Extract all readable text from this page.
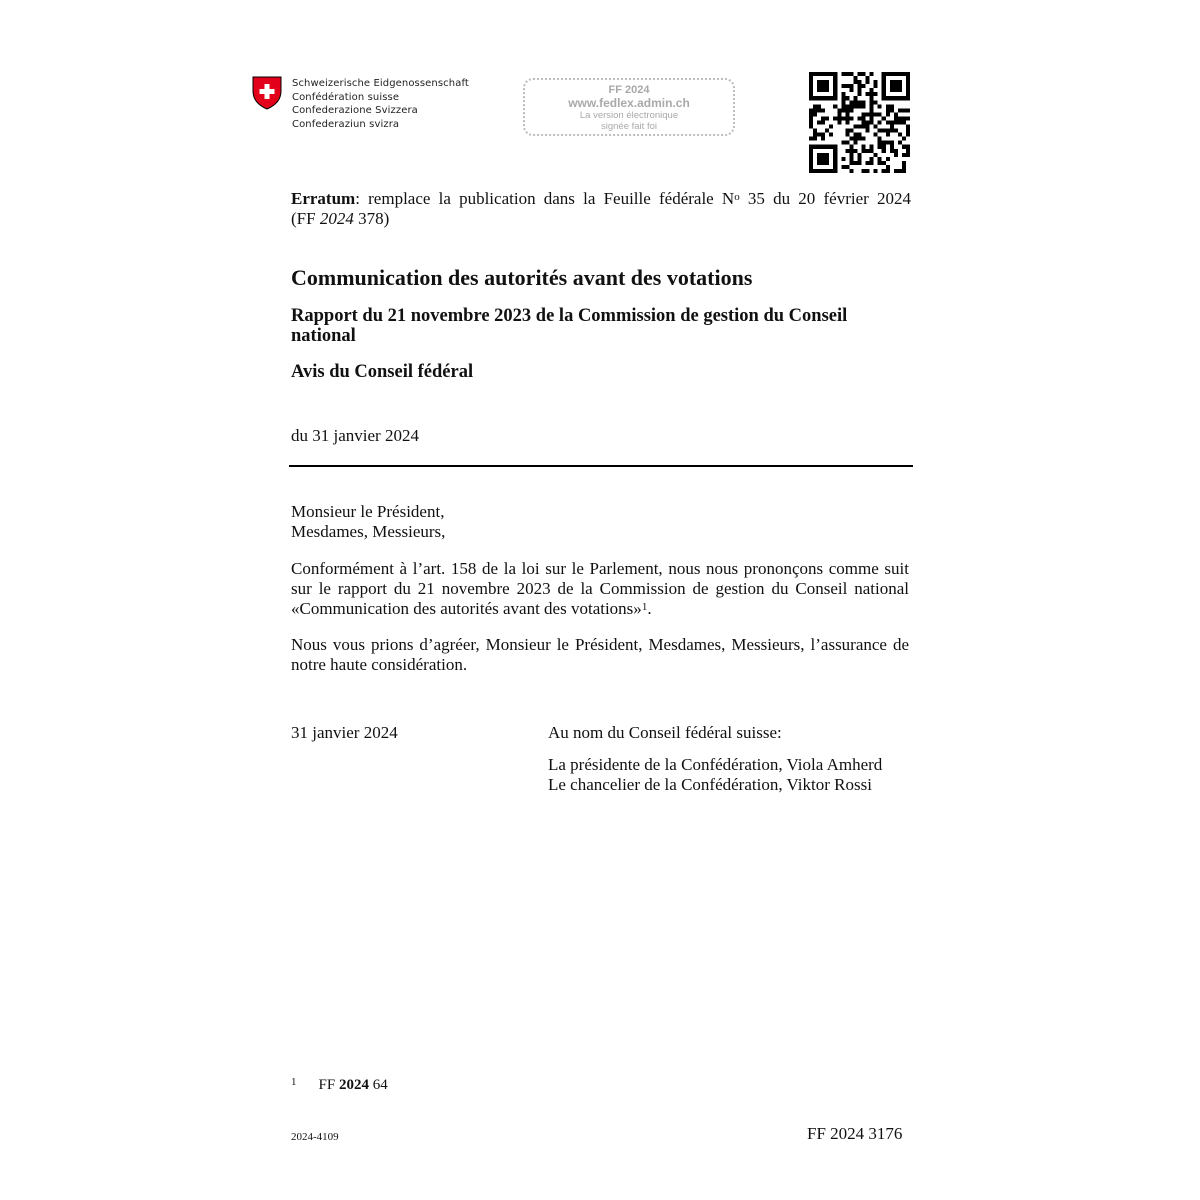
Schweizerische Eidgenossenschaft
Confédération suisse
Confederazione Svizzera
Confederaziun svizra
FF 2024
www.fedlex.admin.ch
La version électronique
signée fait foi
Erratum: remplace la publication dans la Feuille fédérale $N^o$ 35 du 20 février 2024
(FF 2024 378)
Communication des autorités avant des votations
Rapport du 21 novembre 2023 de la Commission de gestion du Conseil national
Avis du Conseil fédéral
du 31 janvier 2024
Monsieur le Président,
Mesdames, Messieurs,
Conformément à l’art. 158 de la loi sur le Parlement, nous nous prononçons comme suit sur le rapport du 21 novembre 2023 de la Commission de gestion du Conseil national «Communication des autorités avant des votations»$^1$.
Nous vous prions d’agréer, Monsieur le Président, Mesdames, Messieurs, l’assurance de notre haute considération.
31 janvier 2024	Au nom du Conseil fédéral suisse:
La présidente de la Confédération, Viola Amherd
Le chancelier de la Confédération, Viktor Rossi
$^1$ FF 2024 64
2024-4109	FF 2024 3176
